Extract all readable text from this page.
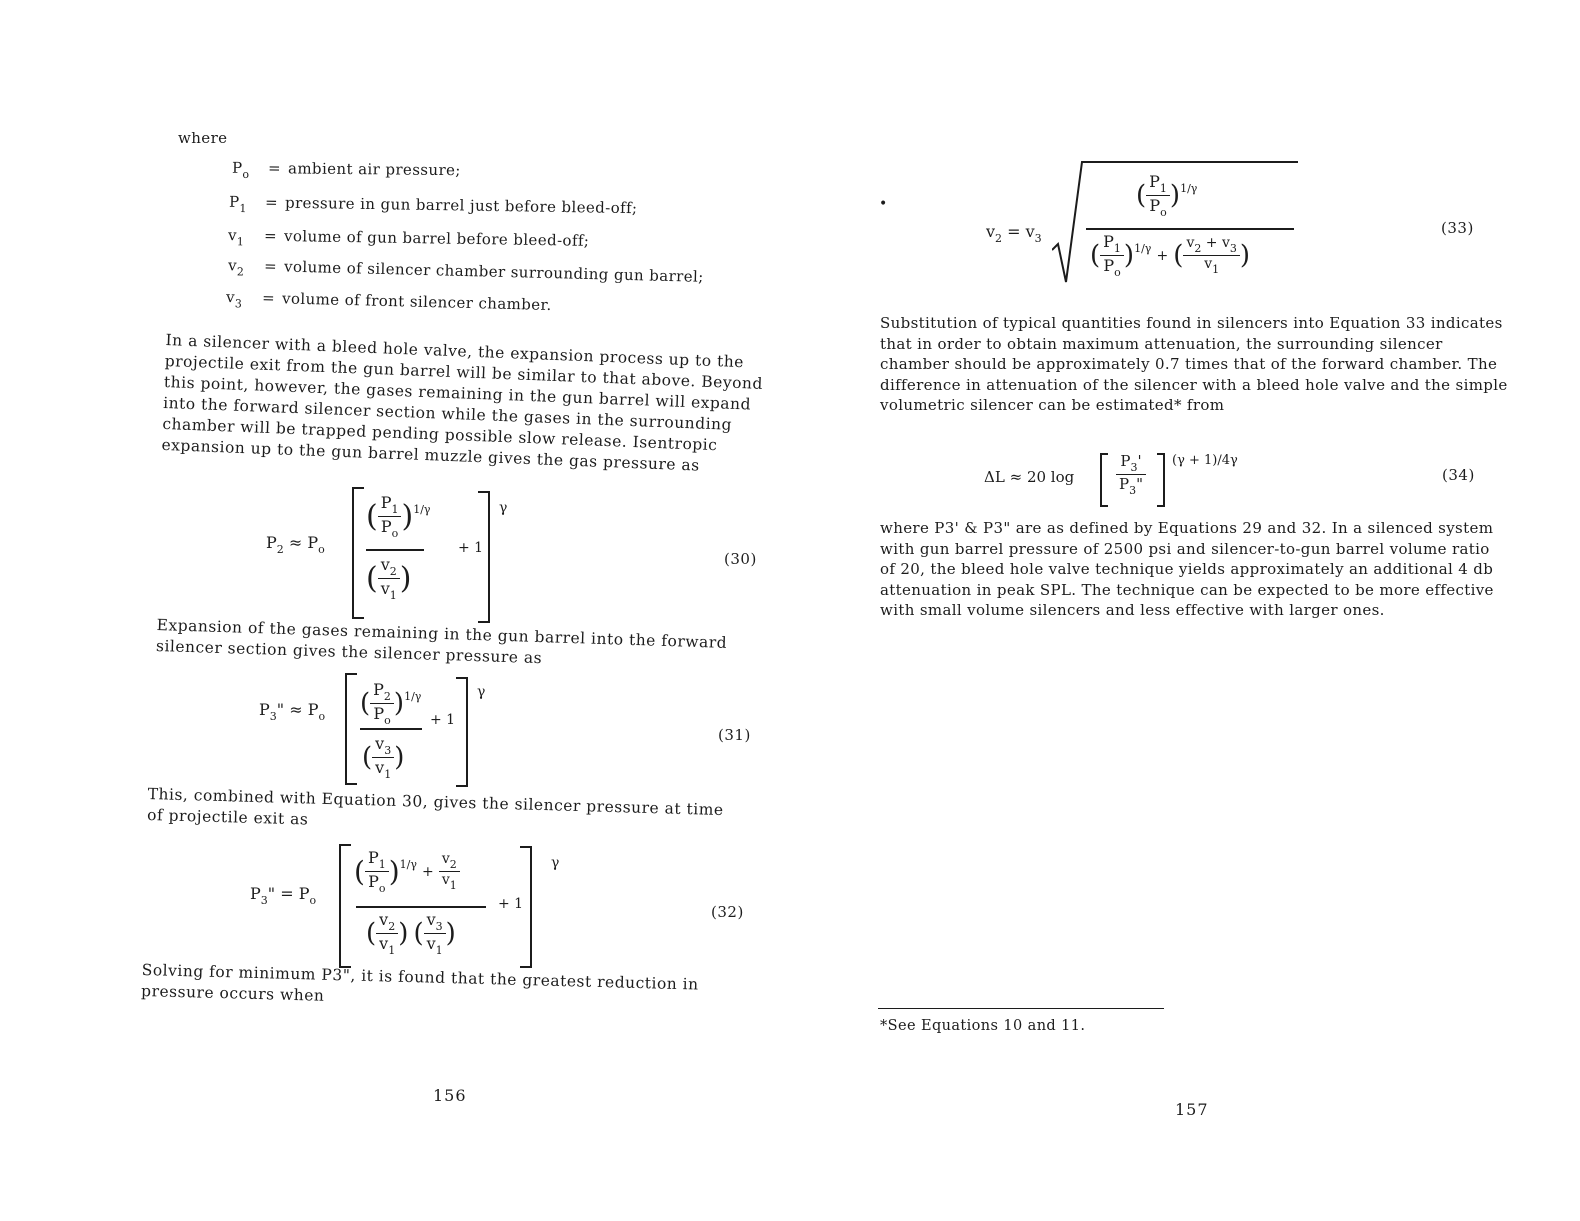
where
$P_o$ = ambient air pressure;
$P_1$ = pressure in gun barrel just before bleed-off;
$v_1$ = volume of gun barrel before bleed-off;
$v_2$ = volume of silencer chamber surrounding gun barrel;
$v_3$ = volume of front silencer chamber.
In a silencer with a bleed hole valve, the expansion process up to the projectile exit from the gun barrel will be similar to that above. Beyond this point, however, the gases remaining in the gun barrel will expand into the forward silencer section while the gases in the surrounding chamber will be trapped pending possible slow release. Isentropic expansion up to the gun barrel muzzle gives the gas pressure as
$P_2 \approx P_o$
( $\frac{P_1}{P_o} )^{1/\gamma}$
( $\frac{v_2}{v_1}$ )
+ 1
γ
(30)
Expansion of the gases remaining in the gun barrel into the forward silencer section gives the silencer pressure as
$P_3$" ≈ $P_o$ ( $\frac{P_2}{P_o} )^{1/\gamma}$
( $\frac{v_3}{v_1}$ )
+ 1
γ
(31)
This, combined with Equation 30, gives the silencer pressure at time of projectile exit as
$P_3$" = $P_o$
( $\frac{P_1}{P_o} )^{1/\gamma} + \frac{v_2}{v_1}$
( $\frac{v_2}{v_1}$ ) ( $\frac{v_3}{v_1}$ )
+ 1
γ
(32)
Solving for minimum P3", it is found that the greatest reduction in pressure occurs when
156
•
$v_2 = v_3$
( $\frac{P_1}{P_o} )^{1/\gamma}$
( $\frac{P_1}{P_o} )^{1/\gamma}$ + ( $\frac{v_2 + v_3}{v_1}$ )
(33)
Substitution of typical quantities found in silencers into Equation 33 indicates that in order to obtain maximum attenuation, the surrounding silencer chamber should be approximately 0.7 times that of the forward chamber. The difference in attenuation of the silencer with a bleed hole valve and the simple volumetric silencer can be estimated* from
ΔL ≈ 20 log	$\frac{P_3'}{P_3"} (\gamma + 1)/4\gamma$
(34)
where P3' & P3" are as defined by Equations 29 and 32. In a silenced system with gun barrel pressure of 2500 psi and silencer-to-gun barrel volume ratio of 20, the bleed hole valve technique yields approximately an additional 4 db attenuation in peak SPL. The technique can be expected to be more effective with small volume silencers and less effective with larger ones.
*See Equations 10 and 11.
157
